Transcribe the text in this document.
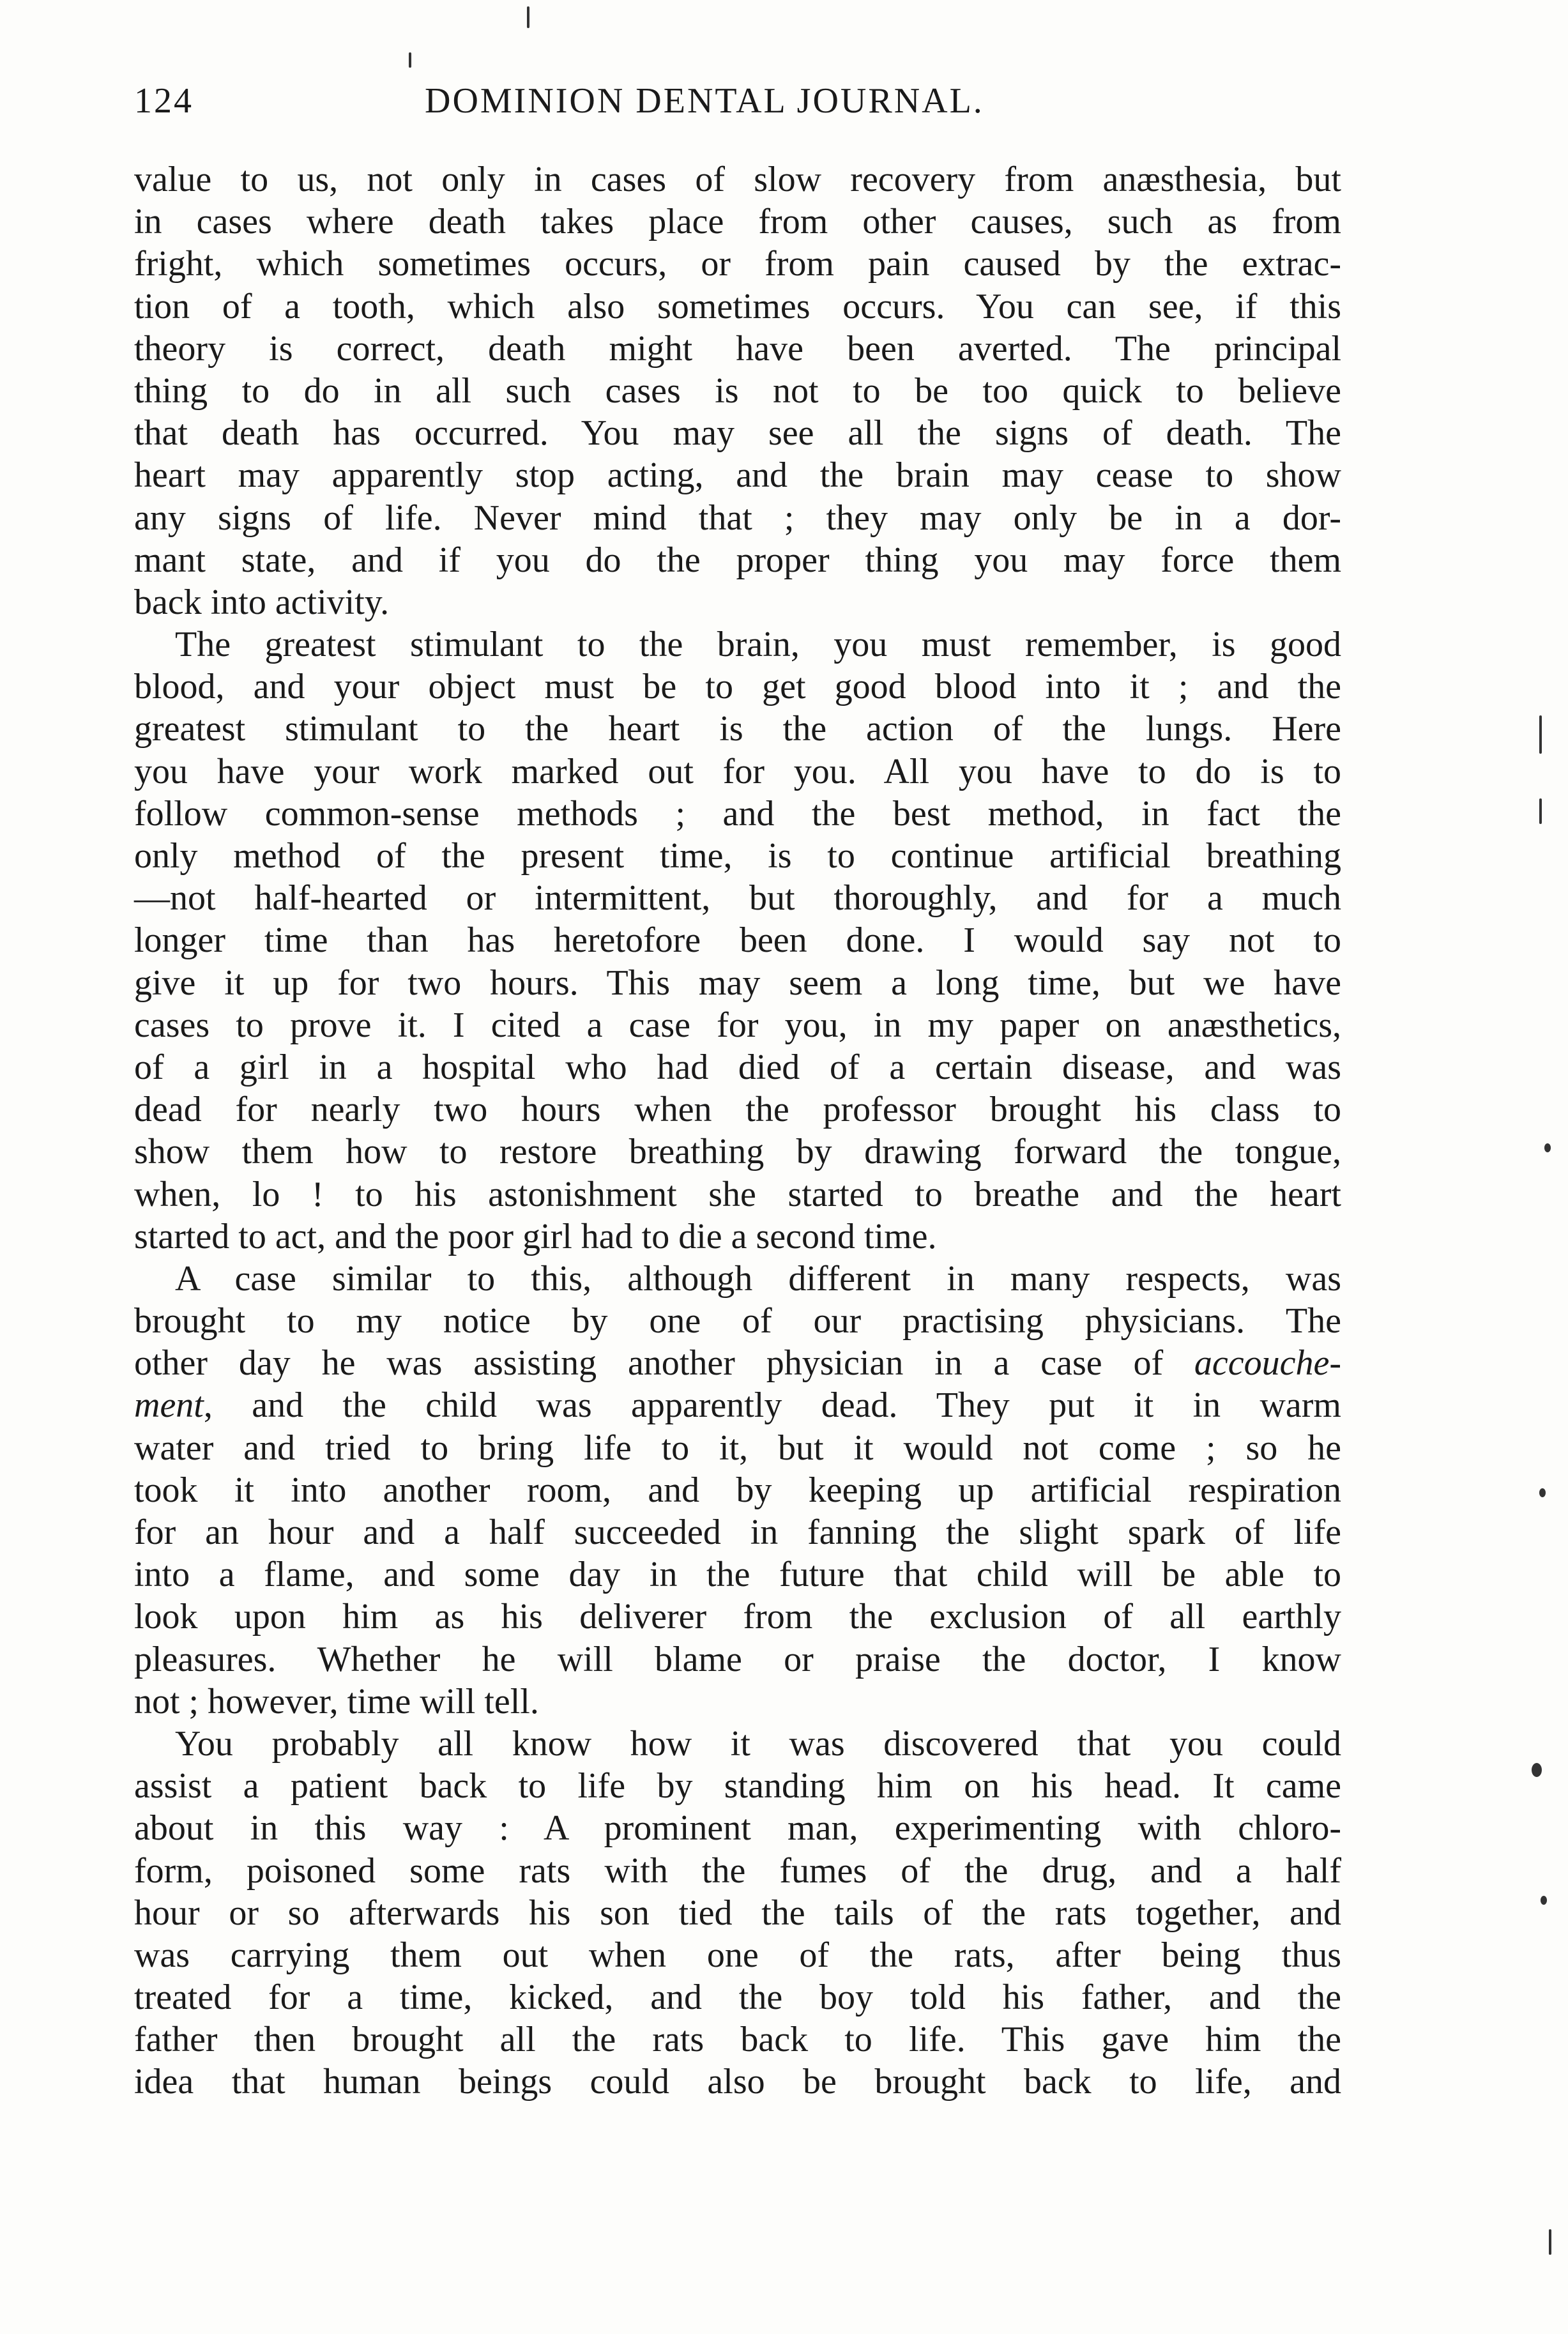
124	DOMINION DENTAL JOURNAL.
value to us, not only in cases of slow recovery from anæsthesia, but
in cases where death takes place from other causes, such as from
fright, which sometimes occurs, or from pain caused by the extrac-
tion of a tooth, which also sometimes occurs. You can see, if this
theory is correct, death might have been averted. The principal
thing to do in all such cases is not to be too quick to believe
that death has occurred. You may see all the signs of death. The
heart may apparently stop acting, and the brain may cease to show
any signs of life. Never mind that ; they may only be in a dor-
mant state, and if you do the proper thing you may force them
back into activity.
The greatest stimulant to the brain, you must remember, is good
blood, and your object must be to get good blood into it ; and the
greatest stimulant to the heart is the action of the lungs. Here
you have your work marked out for you. All you have to do is to
follow common-sense methods ; and the best method, in fact the
only method of the present time, is to continue artificial breathing
—not half-hearted or intermittent, but thoroughly, and for a much
longer time than has heretofore been done. I would say not to
give it up for two hours. This may seem a long time, but we have
cases to prove it. I cited a case for you, in my paper on anæsthetics,
of a girl in a hospital who had died of a certain disease, and was
dead for nearly two hours when the professor brought his class to
show them how to restore breathing by drawing forward the tongue,
when, lo ! to his astonishment she started to breathe and the heart
started to act, and the poor girl had to die a second time.
A case similar to this, although different in many respects, was
brought to my notice by one of our practising physicians. The
other day he was assisting another physician in a case of accouche-
ment, and the child was apparently dead. They put it in warm
water and tried to bring life to it, but it would not come ; so he
took it into another room, and by keeping up artificial respiration
for an hour and a half succeeded in fanning the slight spark of life
into a flame, and some day in the future that child will be able to
look upon him as his deliverer from the exclusion of all earthly
pleasures. Whether he will blame or praise the doctor, I know
not ; however, time will tell.
You probably all know how it was discovered that you could
assist a patient back to life by standing him on his head. It came
about in this way : A prominent man, experimenting with chloro-
form, poisoned some rats with the fumes of the drug, and a half
hour or so afterwards his son tied the tails of the rats together, and
was carrying them out when one of the rats, after being thus
treated for a time, kicked, and the boy told his father, and the
father then brought all the rats back to life. This gave him the
idea that human beings could also be brought back to life, and
